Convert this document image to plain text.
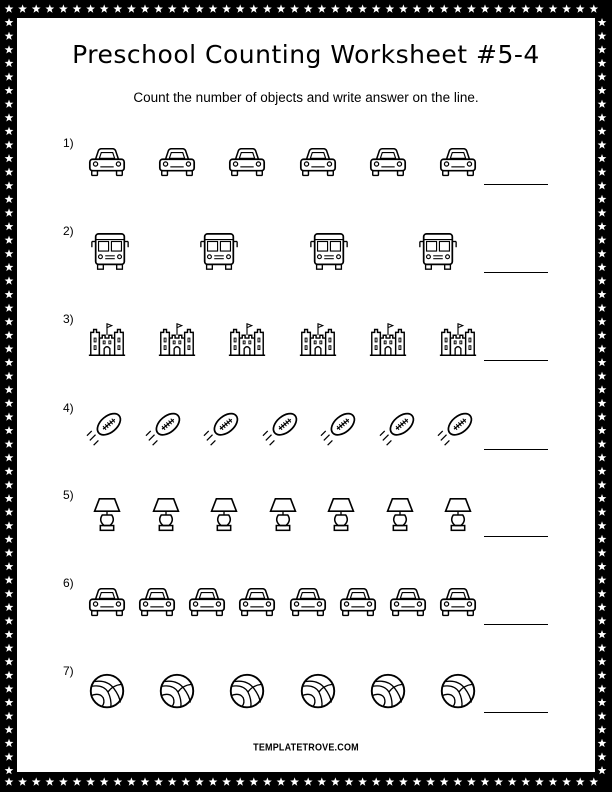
Preschool Counting Worksheet #5-4
Count the number of objects and write answer on the line.
1)
2)
3)
4)
5)
6)
7)
TEMPLATETROVE.COM
